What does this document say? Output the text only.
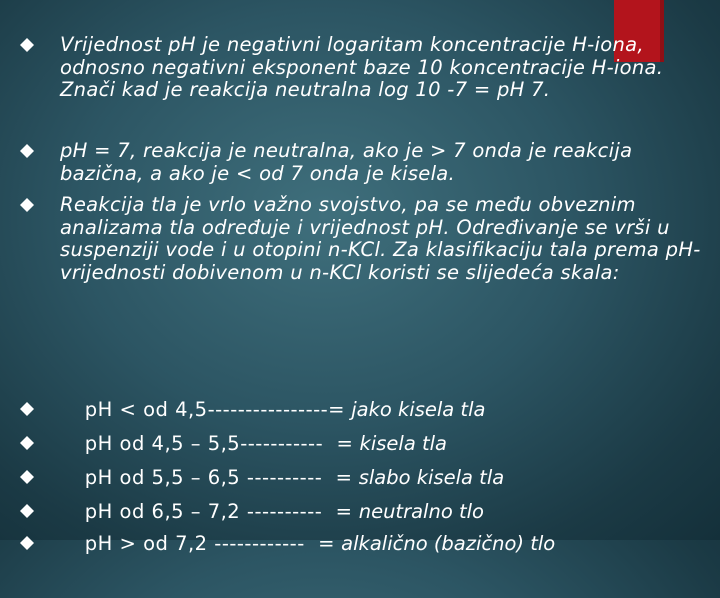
Vrijednost pH je negativni logaritam koncentracije H-iona, odnosno negativni eksponent baze 10 koncentracije H-iona. Znači kad je reakcija neutralna log 10 -7 = pH 7.
pH = 7, reakcija je neutralna, ako je > 7 onda je reakcija bazična, a ako je < od 7 onda je kisela.
Reakcija tla je vrlo važno svojstvo, pa se među obveznim analizama tla određuje i vrijednost pH. Određivanje se vrši u suspenziji vode i u otopini n-KCl. Za klasifikaciju tala prema pH-vrijednosti dobivenom u n-KCl koristi se slijedeća skala:

pH < od 4,5----------------= jako kisela tla

pH od 4,5 – 5,5-----------  = kisela tla

pH od 5,5 – 6,5 ----------  = slabo kisela tla

pH od 6,5 – 7,2 ----------  = neutralno tlo

pH > od 7,2 ------------  = alkalično (bazično) tlo
